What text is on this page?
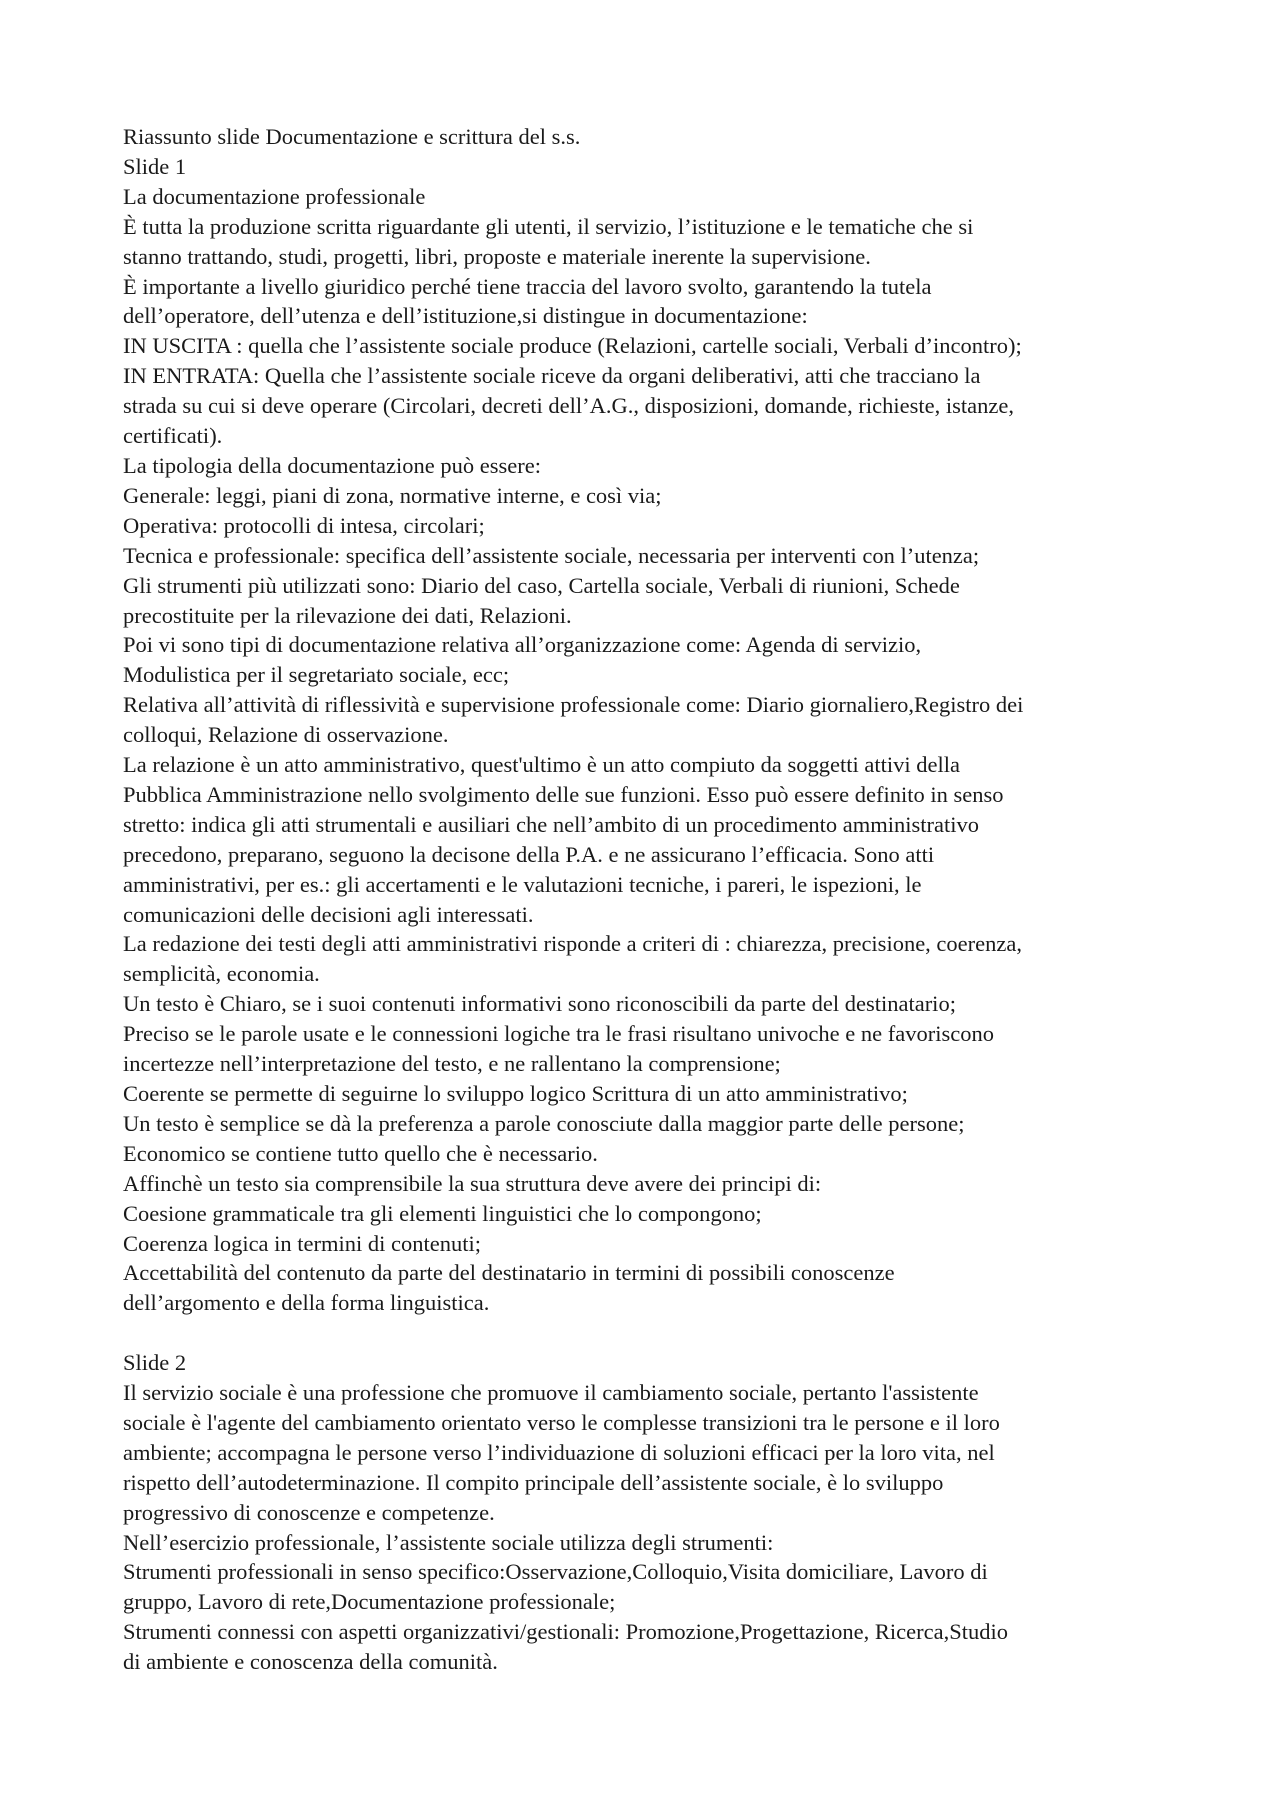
Riassunto slide Documentazione e scrittura del s.s.
Slide 1
La documentazione professionale
È tutta la produzione scritta riguardante gli utenti, il servizio, l’istituzione e le tematiche che si
stanno trattando, studi, progetti, libri, proposte e materiale inerente la supervisione.
È importante a livello giuridico perché tiene traccia del lavoro svolto, garantendo la tutela
dell’operatore, dell’utenza e dell’istituzione,si distingue in documentazione:
IN USCITA : quella che l’assistente sociale produce (Relazioni, cartelle sociali, Verbali d’incontro);
IN ENTRATA: Quella che l’assistente sociale riceve da organi deliberativi, atti che tracciano la
strada su cui si deve operare (Circolari, decreti dell’A.G., disposizioni, domande, richieste, istanze,
certificati).
La tipologia della documentazione può essere:
Generale: leggi, piani di zona, normative interne, e così via;
Operativa: protocolli di intesa, circolari;
Tecnica e professionale: specifica dell’assistente sociale, necessaria per interventi con l’utenza;
Gli strumenti più utilizzati sono: Diario del caso, Cartella sociale, Verbali di riunioni, Schede
precostituite per la rilevazione dei dati, Relazioni.
Poi vi sono tipi di documentazione relativa all’organizzazione come: Agenda di servizio,
Modulistica per il segretariato sociale, ecc;
Relativa all’attività di riflessività e supervisione professionale come: Diario giornaliero,Registro dei
colloqui, Relazione di osservazione.
La relazione è un atto amministrativo, quest'ultimo è un atto compiuto da soggetti attivi della
Pubblica Amministrazione nello svolgimento delle sue funzioni. Esso può essere definito in senso
stretto: indica gli atti strumentali e ausiliari che nell’ambito di un procedimento amministrativo
precedono, preparano, seguono la decisone della P.A. e ne assicurano l’efficacia. Sono atti
amministrativi, per es.: gli accertamenti e le valutazioni tecniche, i pareri, le ispezioni, le
comunicazioni delle decisioni agli interessati.
La redazione dei testi degli atti amministrativi risponde a criteri di : chiarezza, precisione, coerenza,
semplicità, economia.
Un testo è Chiaro, se i suoi contenuti informativi sono riconoscibili da parte del destinatario;
Preciso se le parole usate e le connessioni logiche tra le frasi risultano univoche e ne favoriscono
incertezze nell’interpretazione del testo, e ne rallentano la comprensione;
Coerente se permette di seguirne lo sviluppo logico Scrittura di un atto amministrativo;
Un testo è semplice se dà la preferenza a parole conosciute dalla maggior parte delle persone;
Economico se contiene tutto quello che è necessario.
Affinchè un testo sia comprensibile la sua struttura deve avere dei principi di:
Coesione grammaticale tra gli elementi linguistici che lo compongono;
Coerenza logica in termini di contenuti;
Accettabilità del contenuto da parte del destinatario in termini di possibili conoscenze
dell’argomento e della forma linguistica.
Slide 2
Il servizio sociale è una professione che promuove il cambiamento sociale, pertanto l'assistente
sociale è l'agente del cambiamento orientato verso le complesse transizioni tra le persone e il loro
ambiente; accompagna le persone verso l’individuazione di soluzioni efficaci per la loro vita, nel
rispetto dell’autodeterminazione. Il compito principale dell’assistente sociale, è lo sviluppo
progressivo di conoscenze e competenze.
Nell’esercizio professionale, l’assistente sociale utilizza degli strumenti:
Strumenti professionali in senso specifico:Osservazione,Colloquio,Visita domiciliare, Lavoro di
gruppo, Lavoro di rete,Documentazione professionale;
Strumenti connessi con aspetti organizzativi/gestionali: Promozione,Progettazione, Ricerca,Studio
di ambiente e conoscenza della comunità.
